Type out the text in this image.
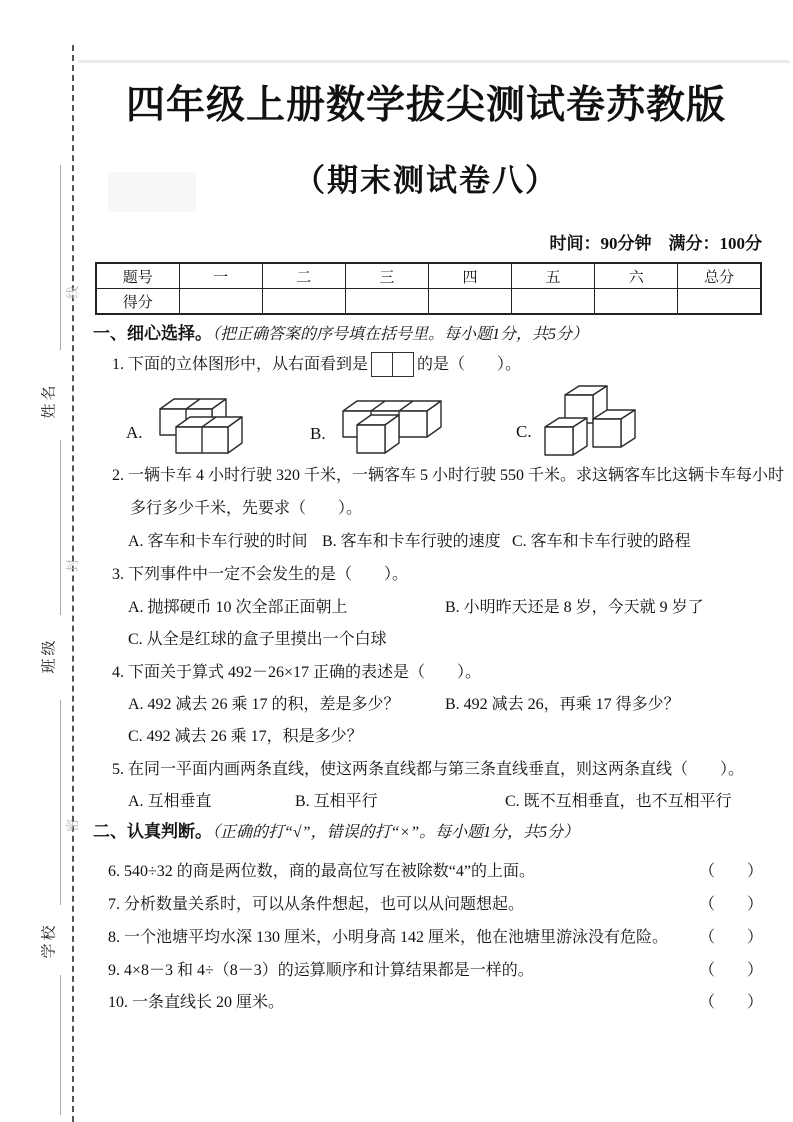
线
封
密
姓名
班级
学校
四年级上册数学拔尖测试卷苏教版
（期末测试卷八）
时间：90分钟　满分：100分
题号	一	二	三	四	五	六	总分
得分							
一、细心选择。（把正确答案的序号填在括号里。每小题1分，共5分）
1. 下面的立体图形中，从右面看到是	的是（　　）。
A.	B.	C.
2. 一辆卡车 4 小时行驶 320 千米，一辆客车 5 小时行驶 550 千米。求这辆客车比这辆卡车每小时
多行多少千米，先要求（　　）。
A. 客车和卡车行驶的时间 B. 客车和卡车行驶的速度 C. 客车和卡车行驶的路程
3. 下列事件中一定不会发生的是（　　）。
A. 抛掷硬币 10 次全部正面朝上	B. 小明昨天还是 8 岁，今天就 9 岁了
C. 从全是红球的盒子里摸出一个白球
4. 下面关于算式 492－26×17 正确的表述是（　　）。
A. 492 减去 26 乘 17 的积，差是多少？	B. 492 减去 26，再乘 17 得多少？
C. 492 减去 26 乘 17，积是多少？
5. 在同一平面内画两条直线，使这两条直线都与第三条直线垂直，则这两条直线（　　）。
A. 互相垂直	B. 互相平行	C. 既不互相垂直，也不互相平行
二、认真判断。（正确的打“√”，错误的打“×”。每小题1分，共5分）
6. 540÷32 的商是两位数，商的最高位写在被除数“4”的上面。	（　　）
7. 分析数量关系时，可以从条件想起，也可以从问题想起。	（　　）
8. 一个池塘平均水深 130 厘米，小明身高 142 厘米，他在池塘里游泳没有危险。 （　　）
9. 4×8－3 和 4÷（8－3）的运算顺序和计算结果都是一样的。	（　　）
10. 一条直线长 20 厘米。	（　　）
